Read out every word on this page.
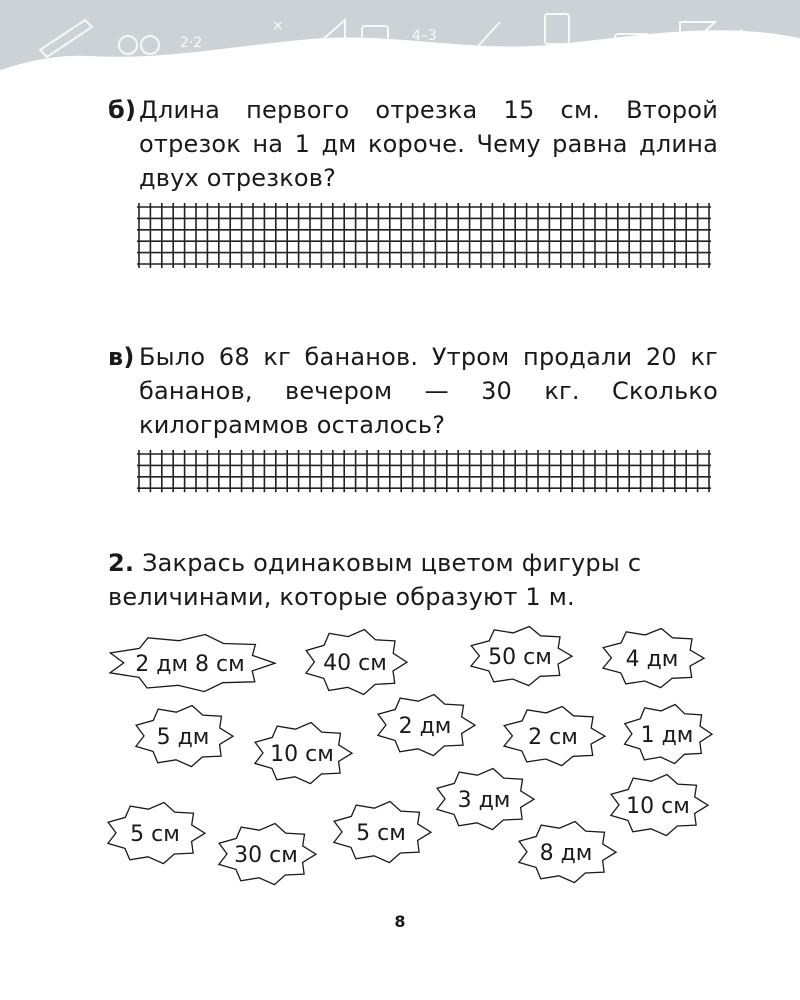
2·2
×
4–3
1+6
б) Длина первого отрезка 15 см. Второй отрезок на 1 дм короче. Чему равна длина двух отрезков?
в) Было 68 кг бананов. Утром продали 20 кг бананов, вечером — 30 кг. Сколько килограммов осталось?
2. Закрась одинаковым цветом фигуры с величинами, которые образуют 1 м.
2 дм 8 см	40 см	50 см	4 дм
5 дм
10 см
2 дм	2 см	1 дм
3 дм	10 см
5 см
30 см
5 см
8 дм
8
